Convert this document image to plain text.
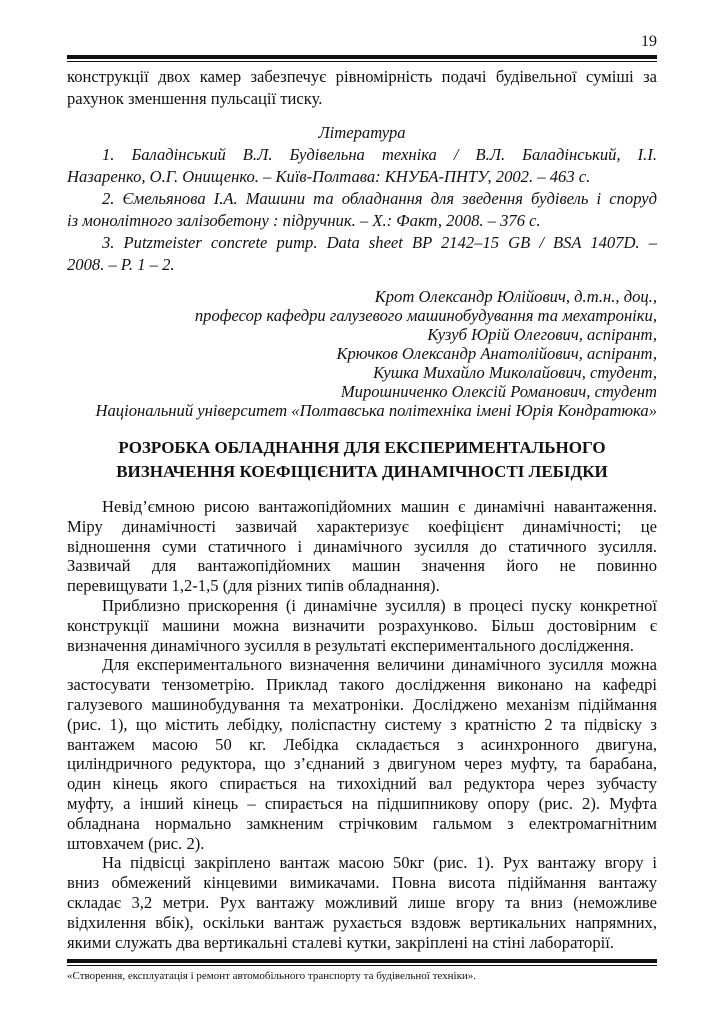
19
конструкції двох камер забезпечує рівномірність подачі будівельної суміші за
рахунок зменшення пульсації тиску.
Література
1. Баладінський В.Л. Будівельна техніка / В.Л. Баладінський, І.І.
Назаренко, О.Г. Онищенко. – Київ-Полтава: КНУБА-ПНТУ, 2002. – 463 с.
2. Ємельянова І.А. Машини та обладнання для зведення будівель і споруд
із монолітного залізобетону : підручник. – Х.: Факт, 2008. – 376 с.
3. Putzmeister concrete pump. Data sheet BP 2142–15 GB / BSA 1407D. –
2008. – P. 1 – 2.
Крот Олександр Юлійович, д.т.н., доц.,
професор кафедри галузевого машинобудування та мехатроніки,
Кузуб Юрій Олегович, аспірант,
Крючков Олександр Анатолійович, аспірант,
Кушка Михайло Миколайович, студент,
Мирошниченко Олексій Романович, студент
Національний університет «Полтавська політехніка імені Юрія Кондратюка»
РОЗРОБКА ОБЛАДНАННЯ ДЛЯ ЕКСПЕРИМЕНТАЛЬНОГО
ВИЗНАЧЕННЯ КОЕФІЦІЄНИТА ДИНАМІЧНОСТІ ЛЕБІДКИ
Невід’ємною рисою вантажопідйомних машин є динамічні навантаження.
Міру динамічності зазвичай характеризує коефіцієнт динамічності; це
відношення суми статичного і динамічного зусилля до статичного зусилля.
Зазвичай для вантажопідйомних машин значення його не повинно
перевищувати 1,2-1,5 (для різних типів обладнання).
Приблизно прискорення (і динамічне зусилля) в процесі пуску конкретної
конструкції машини можна визначити розрахунково. Більш достовірним є
визначення динамічного зусилля в результаті експериментального дослідження.
Для експериментального визначення величини динамічного зусилля можна
застосувати тензометрію. Приклад такого дослідження виконано на кафедрі
галузевого машинобудування та мехатроніки. Досліджено механізм підіймання
(рис. 1), що містить лебідку, поліспастну систему з кратністю 2 та підвіску з
вантажем масою 50 кг. Лебідка складається з асинхронного двигуна,
циліндричного редуктора, що з’єднаний з двигуном через муфту, та барабана,
один кінець якого спирається на тихохідний вал редуктора через зубчасту
муфту, а інший кінець – спирається на підшипникову опору (рис. 2). Муфта
обладнана нормально замкненим стрічковим гальмом з електромагнітним
штовхачем (рис. 2).
На підвісці закріплено вантаж масою 50кг (рис. 1). Рух вантажу вгору і
вниз обмежений кінцевими вимикачами. Повна висота підіймання вантажу
складає 3,2 метри. Рух вантажу можливий лише вгору та вниз (неможливе
відхилення вбік), оскільки вантаж рухається вздовж вертикальних напрямних,
якими служать два вертикальні сталеві кутки, закріплені на стіні лабораторії.
«Створення, експлуатація і ремонт автомобільного транспорту та будівельної техніки».
